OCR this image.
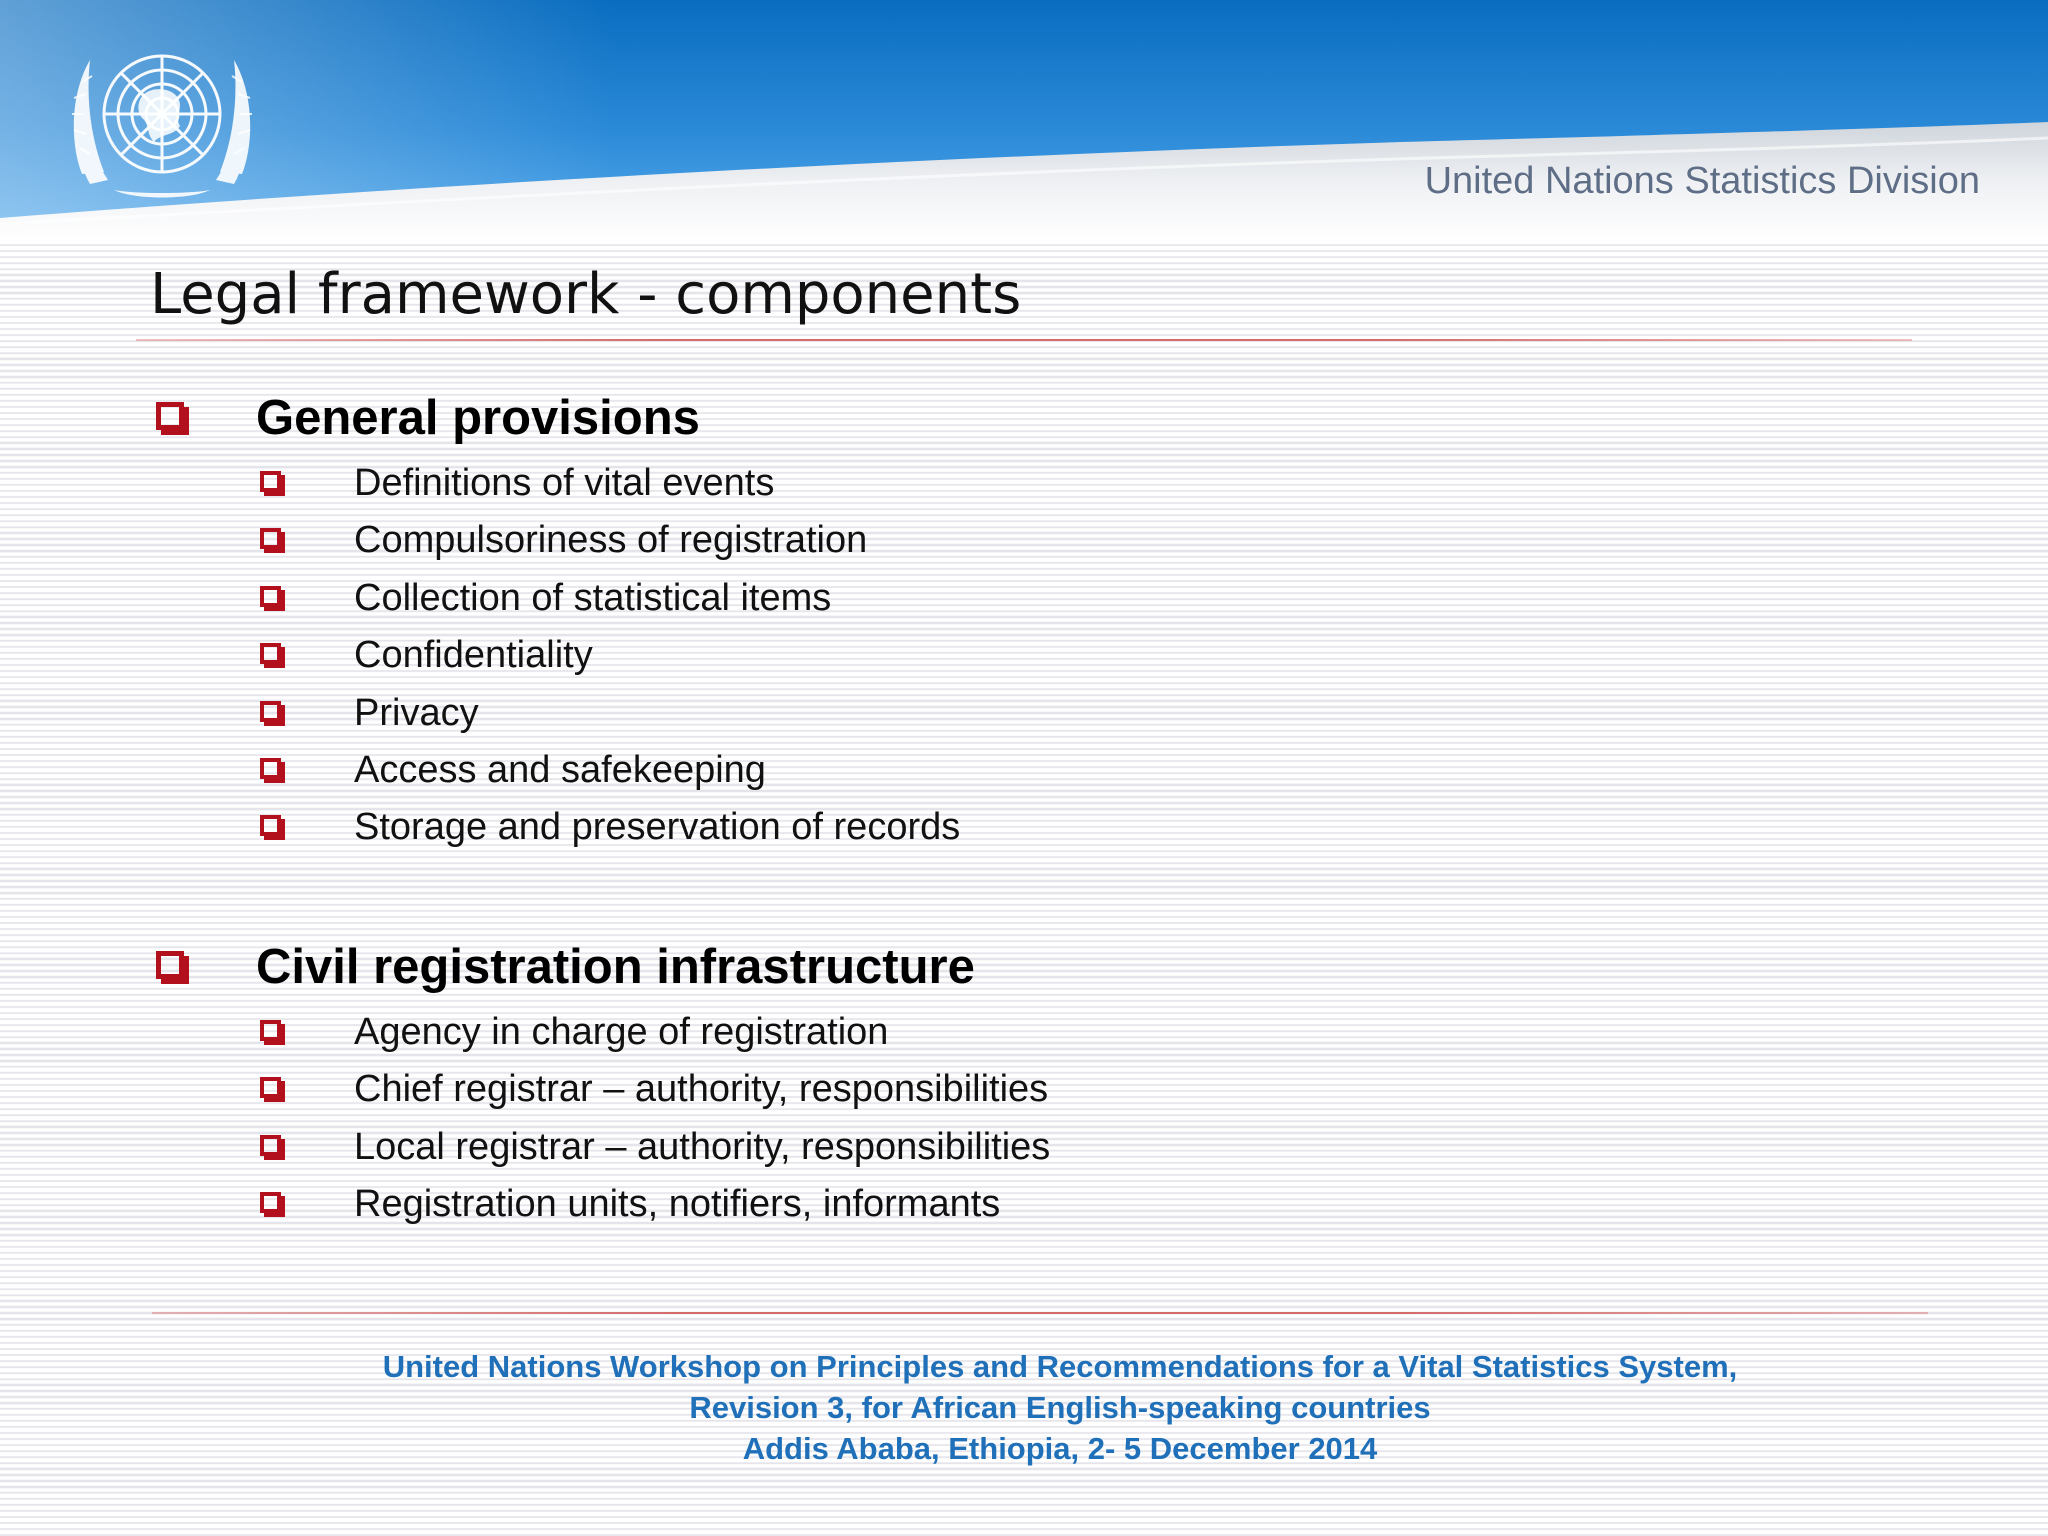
United Nations Statistics Division
Legal framework - components
General provisions
Definitions of vital events
Compulsoriness of registration
Collection of statistical items
Confidentiality
Privacy
Access and safekeeping
Storage and preservation of records
Civil registration infrastructure
Agency in charge of registration
Chief registrar – authority, responsibilities
Local registrar – authority, responsibilities
Registration units, notifiers, informants
United Nations Workshop on Principles and Recommendations for a Vital Statistics System,
Revision 3, for African English-speaking countries
Addis Ababa, Ethiopia, 2- 5 December 2014
